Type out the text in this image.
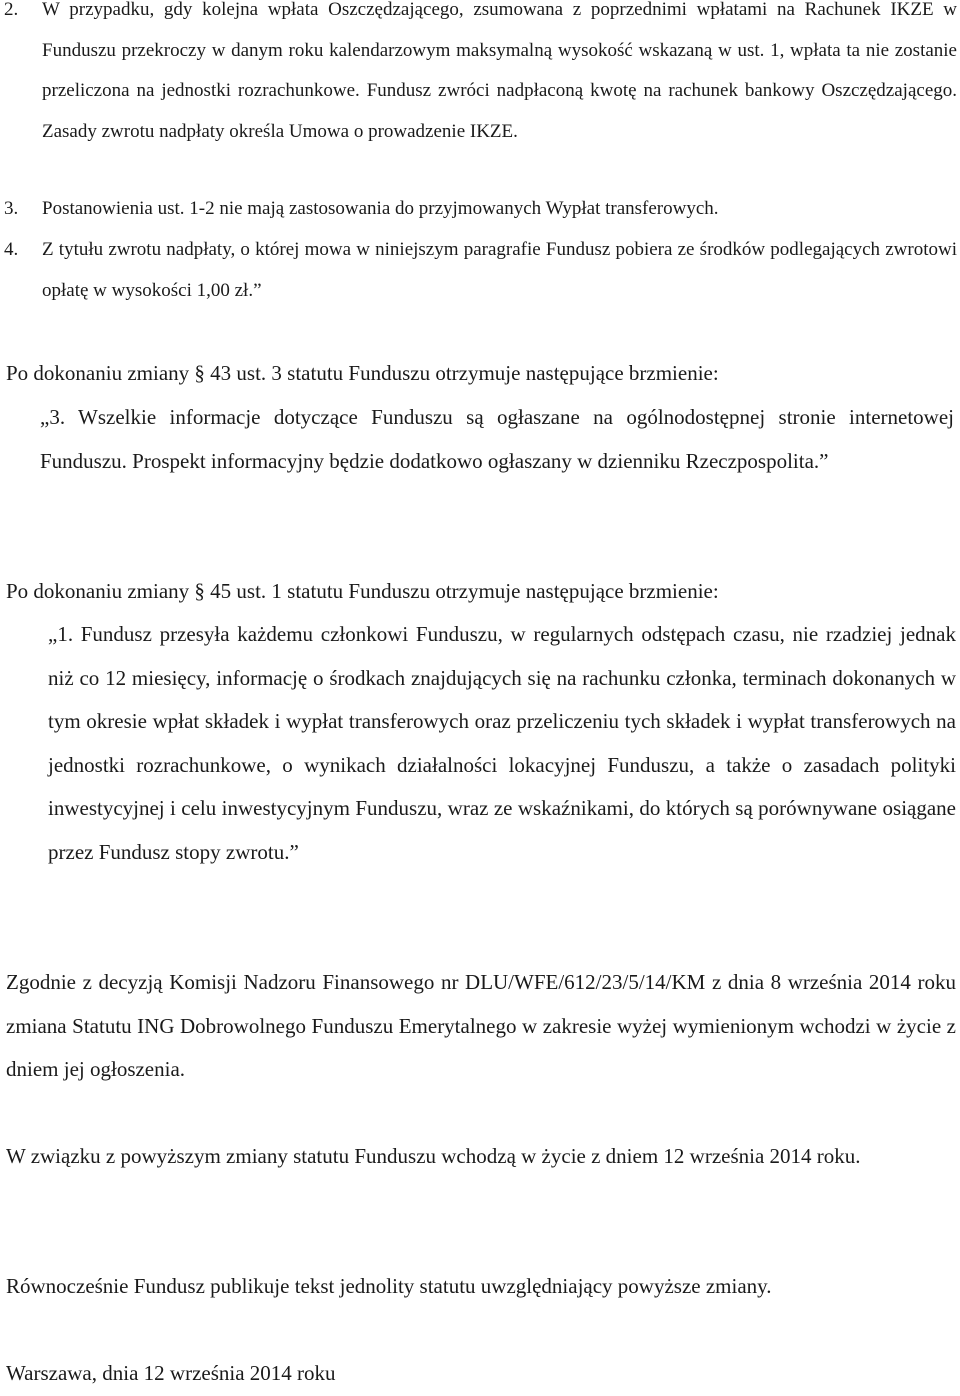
2.	W przypadku, gdy kolejna wpłata Oszczędzającego, zsumowana z poprzednimi wpłatami na Rachunek IKZE w Funduszu przekroczy w danym roku kalendarzowym maksymalną wysokość wskazaną w ust. 1, wpłata ta nie zostanie przeliczona na jednostki rozrachunkowe. Fundusz zwróci nadpłaconą kwotę na rachunek bankowy Oszczędzającego. Zasady zwrotu nadpłaty określa Umowa o prowadzenie IKZE.
3.	Postanowienia ust. 1-2 nie mają zastosowania do przyjmowanych Wypłat transferowych.
4.	Z tytułu zwrotu nadpłaty, o której mowa w niniejszym paragrafie Fundusz pobiera ze środków podlegających zwrotowi opłatę w wysokości 1,00 zł.”
Po dokonaniu zmiany § 43 ust. 3 statutu Funduszu otrzymuje następujące brzmienie:
„3. Wszelkie informacje dotyczące Funduszu są ogłaszane na ogólnodostępnej stronie internetowej Funduszu. Prospekt informacyjny będzie dodatkowo ogłaszany w dzienniku Rzeczpospolita.”
Po dokonaniu zmiany § 45 ust. 1 statutu Funduszu otrzymuje następujące brzmienie:
„1. Fundusz przesyła każdemu członkowi Funduszu, w regularnych odstępach czasu, nie rzadziej jednak niż co 12 miesięcy, informację o środkach znajdujących się na rachunku członka, terminach dokonanych w tym okresie wpłat składek i wypłat transferowych oraz przeliczeniu tych składek i wypłat transferowych na jednostki rozrachunkowe, o wynikach działalności lokacyjnej Funduszu, a także o zasadach polityki inwestycyjnej i celu inwestycyjnym Funduszu, wraz ze wskaźnikami, do których są porównywane osiągane przez Fundusz stopy zwrotu.”
Zgodnie z decyzją Komisji Nadzoru Finansowego nr DLU/WFE/612/23/5/14/KM z dnia 8 września 2014 roku zmiana Statutu ING Dobrowolnego Funduszu Emerytalnego w zakresie wyżej wymienionym wchodzi w życie z dniem jej ogłoszenia.
W związku z powyższym zmiany statutu Funduszu wchodzą w życie z dniem 12 września 2014 roku.
Równocześnie Fundusz publikuje tekst jednolity statutu uwzględniający powyższe zmiany.
Warszawa, dnia 12 września 2014 roku
